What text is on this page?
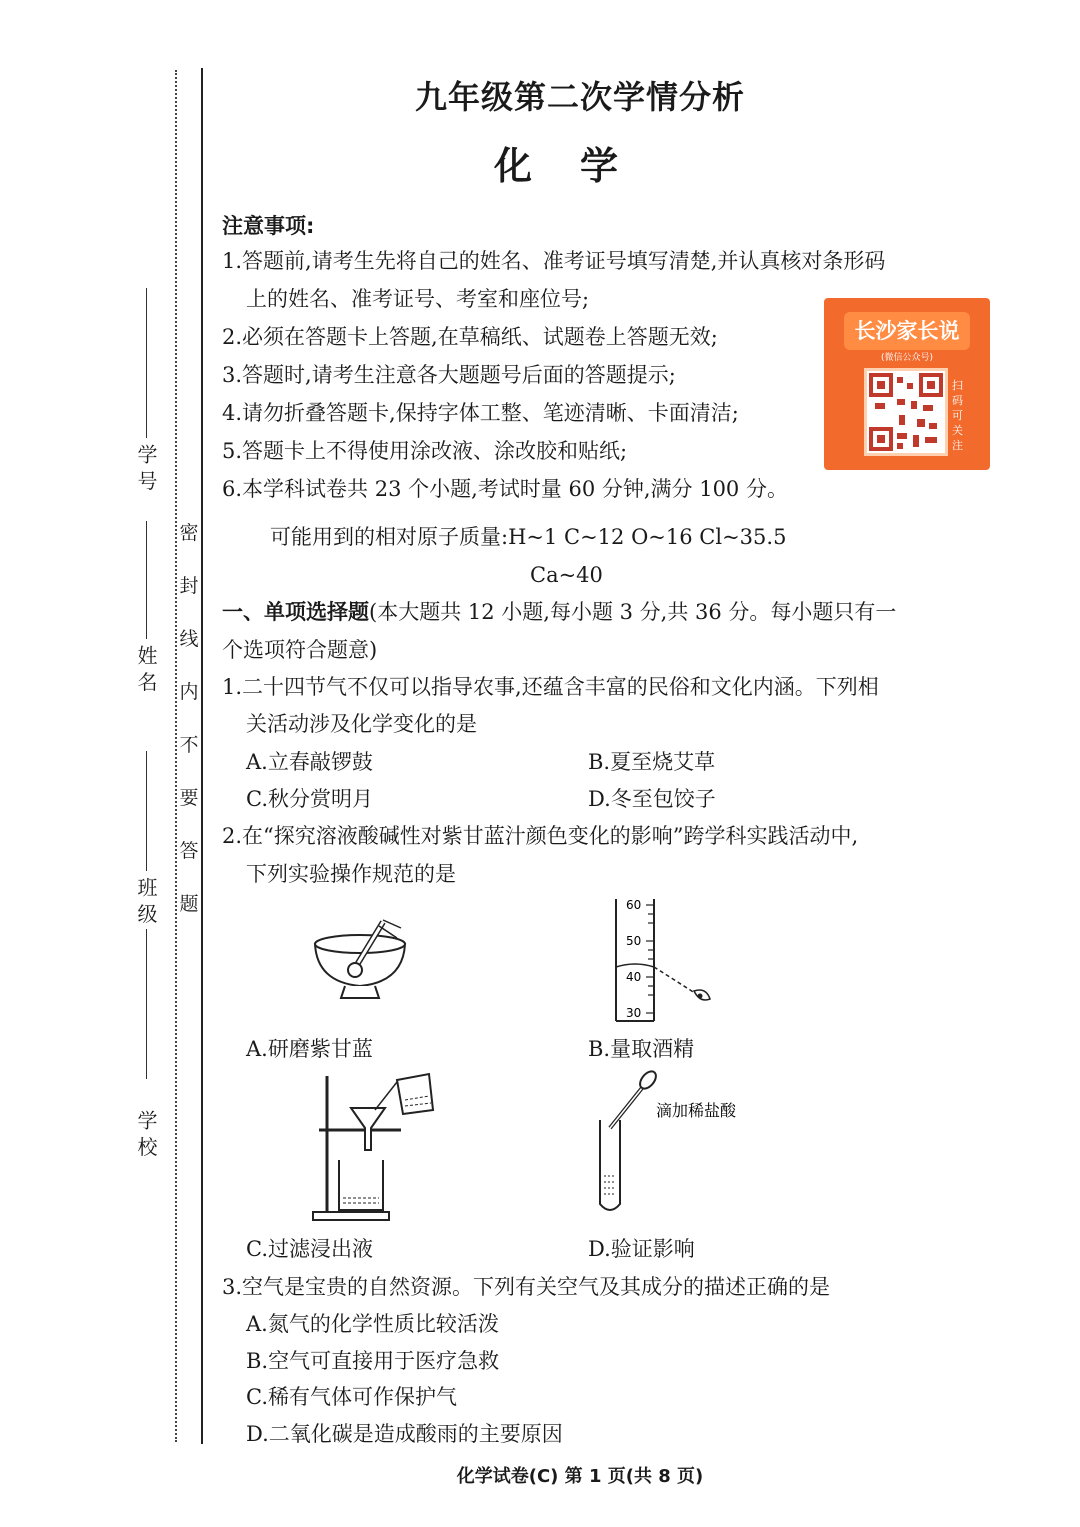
学 号
姓 名
班 级
学 校
密
封
线
内
不
要
答
题
九年级第二次学情分析
化学
注意事项:
1.答题前,请考生先将自己的姓名、准考证号填写清楚,并认真核对条形码
上的姓名、准考证号、考室和座位号;
2.必须在答题卡上答题,在草稿纸、试题卷上答题无效;
3.答题时,请考生注意各大题题号后面的答题提示;
4.请勿折叠答题卡,保持字体工整、笔迹清晰、卡面清洁;
5.答题卡上不得使用涂改液、涂改胶和贴纸;
6.本学科试卷共 23 个小题,考试时量 60 分钟,满分 100 分。
长沙家长说
(微信公众号)
扫码可关注
可能用到的相对原子质量:H~1 C~12 O~16 Cl~35.5
Ca~40
一、单项选择题(本大题共 12 小题,每小题 3 分,共 36 分。每小题只有一
个选项符合题意)
1.二十四节气不仅可以指导农事,还蕴含丰富的民俗和文化内涵。下列相
关活动涉及化学变化的是
A.立春敲锣鼓	B.夏至烧艾草
C.秋分赏明月	D.冬至包饺子
2.在“探究溶液酸碱性对紫甘蓝汁颜色变化的影响”跨学科实践活动中,
下列实验操作规范的是
60
50
40
30
A.研磨紫甘蓝	B.量取酒精
滴加稀盐酸
C.过滤浸出液	D.验证影响
3.空气是宝贵的自然资源。下列有关空气及其成分的描述正确的是
A.氮气的化学性质比较活泼
B.空气可直接用于医疗急救
C.稀有气体可作保护气
D.二氧化碳是造成酸雨的主要原因
化学试卷(C) 第 1 页(共 8 页)
